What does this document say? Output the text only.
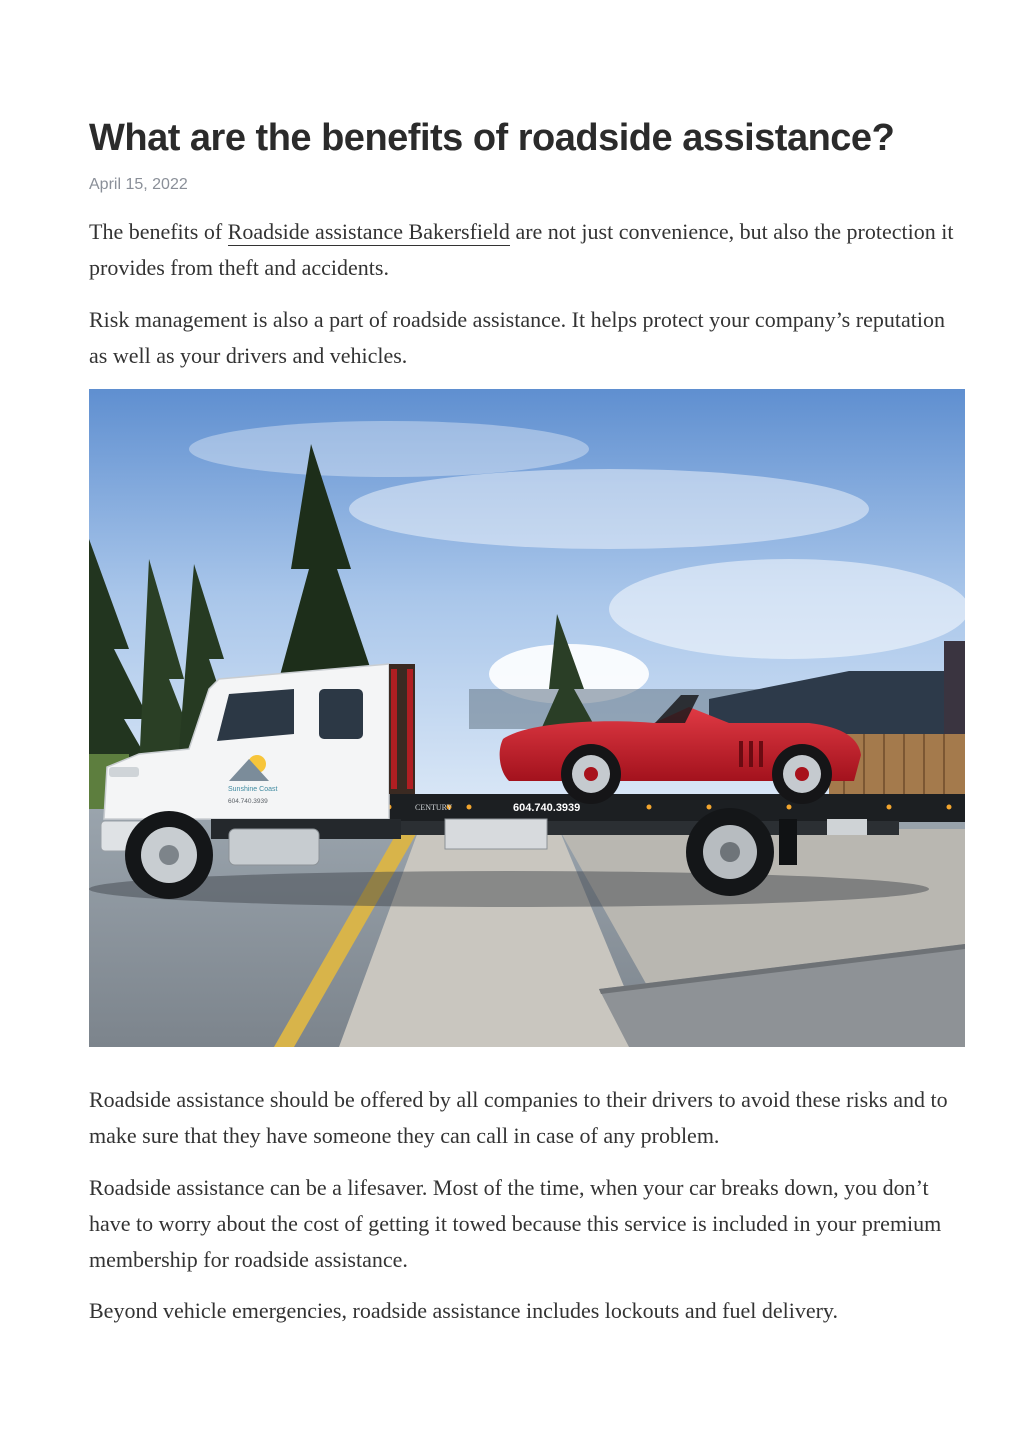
What are the benefits of roadside assistance?
April 15, 2022

The benefits of Roadside assistance Bakersfield are not just convenience, but also the protection it provides from theft and accidents.

Risk management is also a part of roadside assistance. It helps protect your company’s reputation as well as your drivers and vehicles.

CENTURY	604.740.3939
Sunshine Coast
604.740.3939

Roadside assistance should be offered by all companies to their drivers to avoid these risks and to make sure that they have someone they can call in case of any problem.

Roadside assistance can be a lifesaver. Most of the time, when your car breaks down, you don’t have to worry about the cost of getting it towed because this service is included in your premium membership for roadside assistance.

Beyond vehicle emergencies, roadside assistance includes lockouts and fuel delivery.
